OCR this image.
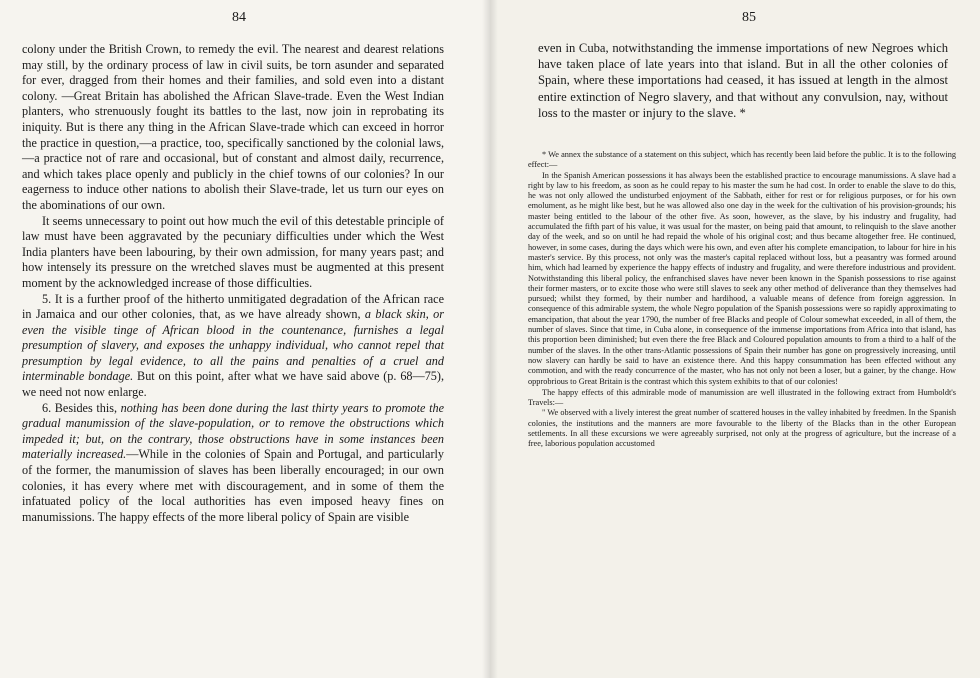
84

colony under the British Crown, to remedy the evil. The nearest and dearest relations may still, by the ordinary process of law in civil suits, be torn asunder and separated for ever, dragged from their homes and their families, and sold even into a distant colony. —Great Britain has abolished the African Slave-trade. Even the West Indian planters, who strenuously fought its battles to the last, now join in reprobating its iniquity. But is there any thing in the African Slave-trade which can exceed in horror the practice in question,—a practice, too, specifically sanctioned by the colonial laws,—a practice not of rare and occasional, but of constant and almost daily, recurrence, and which takes place openly and publicly in the chief towns of our colonies? In our eagerness to induce other nations to abolish their Slave-trade, let us turn our eyes on the abominations of our own.

It seems unnecessary to point out how much the evil of this detestable principle of law must have been aggravated by the pecuniary difficulties under which the West India planters have been labouring, by their own admission, for many years past; and how intensely its pressure on the wretched slaves must be augmented at this present moment by the acknowledged increase of those difficulties.

5. It is a further proof of the hitherto unmitigated degradation of the African race in Jamaica and our other colonies, that, as we have already shown, a black skin, or even the visible tinge of African blood in the countenance, furnishes a legal presumption of slavery, and exposes the unhappy individual, who cannot repel that presumption by legal evidence, to all the pains and penalties of a cruel and interminable bondage. But on this point, after what we have said above (p. 68—75), we need not now enlarge.

6. Besides this, nothing has been done during the last thirty years to promote the gradual manumission of the slave-population, or to remove the obstructions which impeded it; but, on the contrary, those obstructions have in some instances been materially increased.—While in the colonies of Spain and Portugal, and particularly of the former, the manumission of slaves has been liberally encouraged; in our own colonies, it has every where met with discouragement, and in some of them the infatuated policy of the local authorities has even imposed heavy fines on manumissions. The happy effects of the more liberal policy of Spain are visible

85

even in Cuba, notwithstanding the immense importations of new Negroes which have taken place of late years into that island. But in all the other colonies of Spain, where these importations had ceased, it has issued at length in the almost entire extinction of Negro slavery, and that without any convulsion, nay, without loss to the master or injury to the slave. *

* We annex the substance of a statement on this subject, which has recently been laid before the public. It is to the following effect:—

In the Spanish American possessions it has always been the established practice to encourage manumissions. A slave had a right by law to his freedom, as soon as he could repay to his master the sum he had cost. In order to enable the slave to do this, he was not only allowed the undisturbed enjoyment of the Sabbath, either for rest or for religious purposes, or for his own emolument, as he might like best, but he was allowed also one day in the week for the cultivation of his provision-grounds; his master being entitled to the labour of the other five. As soon, however, as the slave, by his industry and frugality, had accumulated the fifth part of his value, it was usual for the master, on being paid that amount, to relinquish to the slave another day of the week, and so on until he had repaid the whole of his original cost; and thus became altogether free. He continued, however, in some cases, during the days which were his own, and even after his complete emancipation, to labour for hire in his master's service. By this process, not only was the master's capital replaced without loss, but a peasantry was formed around him, which had learned by experience the happy effects of industry and frugality, and were therefore industrious and provident. Notwithstanding this liberal policy, the enfranchised slaves have never been known in the Spanish possessions to rise against their former masters, or to excite those who were still slaves to seek any other method of deliverance than they themselves had pursued; whilst they formed, by their number and hardihood, a valuable means of defence from foreign aggression. In consequence of this admirable system, the whole Negro population of the Spanish possessions were so rapidly approximating to emancipation, that about the year 1790, the number of free Blacks and people of Colour somewhat exceeded, in all of them, the number of slaves. Since that time, in Cuba alone, in consequence of the immense importations from Africa into that island, has this proportion been diminished; but even there the free Black and Coloured population amounts to from a third to a half of the number of the slaves. In the other trans-Atlantic possessions of Spain their number has gone on progressively increasing, until now slavery can hardly be said to have an existence there. And this happy consummation has been effected without any commotion, and with the ready concurrence of the master, who has not only not been a loser, but a gainer, by the change. How opprobrious to Great Britain is the contrast which this system exhibits to that of our colonies!

The happy effects of this admirable mode of manumission are well illustrated in the following extract from Humboldt's Travels:—

" We observed with a lively interest the great number of scattered houses in the valley inhabited by freedmen. In the Spanish colonies, the institutions and the manners are more favourable to the liberty of the Blacks than in the other European settlements. In all these excursions we were agreeably surprised, not only at the progress of agriculture, but the increase of a free, laborious population accustomed
